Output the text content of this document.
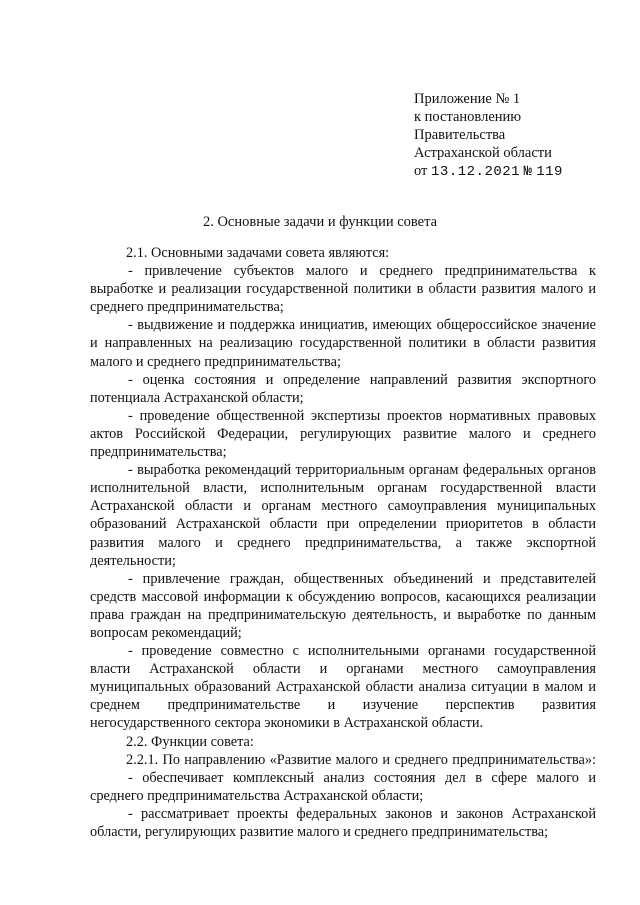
Приложение № 1
к постановлению
Правительства
Астраханской области
от 13.12.2021 № 119
2. Основные задачи и функции совета

2.1. Основными задачами совета являются:

- привлечение субъектов малого и среднего предпринимательства к выработке и реализации государственной политики в области развития малого и среднего предпринимательства;

- выдвижение и поддержка инициатив, имеющих общероссийское значение и направленных на реализацию государственной политики в области развития малого и среднего предпринимательства;

- оценка состояния и определение направлений развития экспортного потенциала Астраханской области;

- проведение общественной экспертизы проектов нормативных правовых актов Российской Федерации, регулирующих развитие малого и среднего предпринимательства;

- выработка рекомендаций территориальным органам федеральных органов исполнительной власти, исполнительным органам государственной власти Астраханской области и органам местного самоуправления муниципальных образований Астраханской области при определении приоритетов в области развития малого и среднего предпринимательства, а также экспортной деятельности;

- привлечение граждан, общественных объединений и представителей средств массовой информации к обсуждению вопросов, касающихся реализации права граждан на предпринимательскую деятельность, и выработке по данным вопросам рекомендаций;

- проведение совместно с исполнительными органами государственной власти Астраханской области и органами местного самоуправления муниципальных образований Астраханской области анализа ситуации в малом и среднем предпринимательстве и изучение перспектив развития негосударственного сектора экономики в Астраханской области.

2.2. Функции совета:

2.2.1. По направлению «Развитие малого и среднего предпринимательства»:

- обеспечивает комплексный анализ состояния дел в сфере малого и среднего предпринимательства Астраханской области;

- рассматривает проекты федеральных законов и законов Астраханской области, регулирующих развитие малого и среднего предпринимательства;
